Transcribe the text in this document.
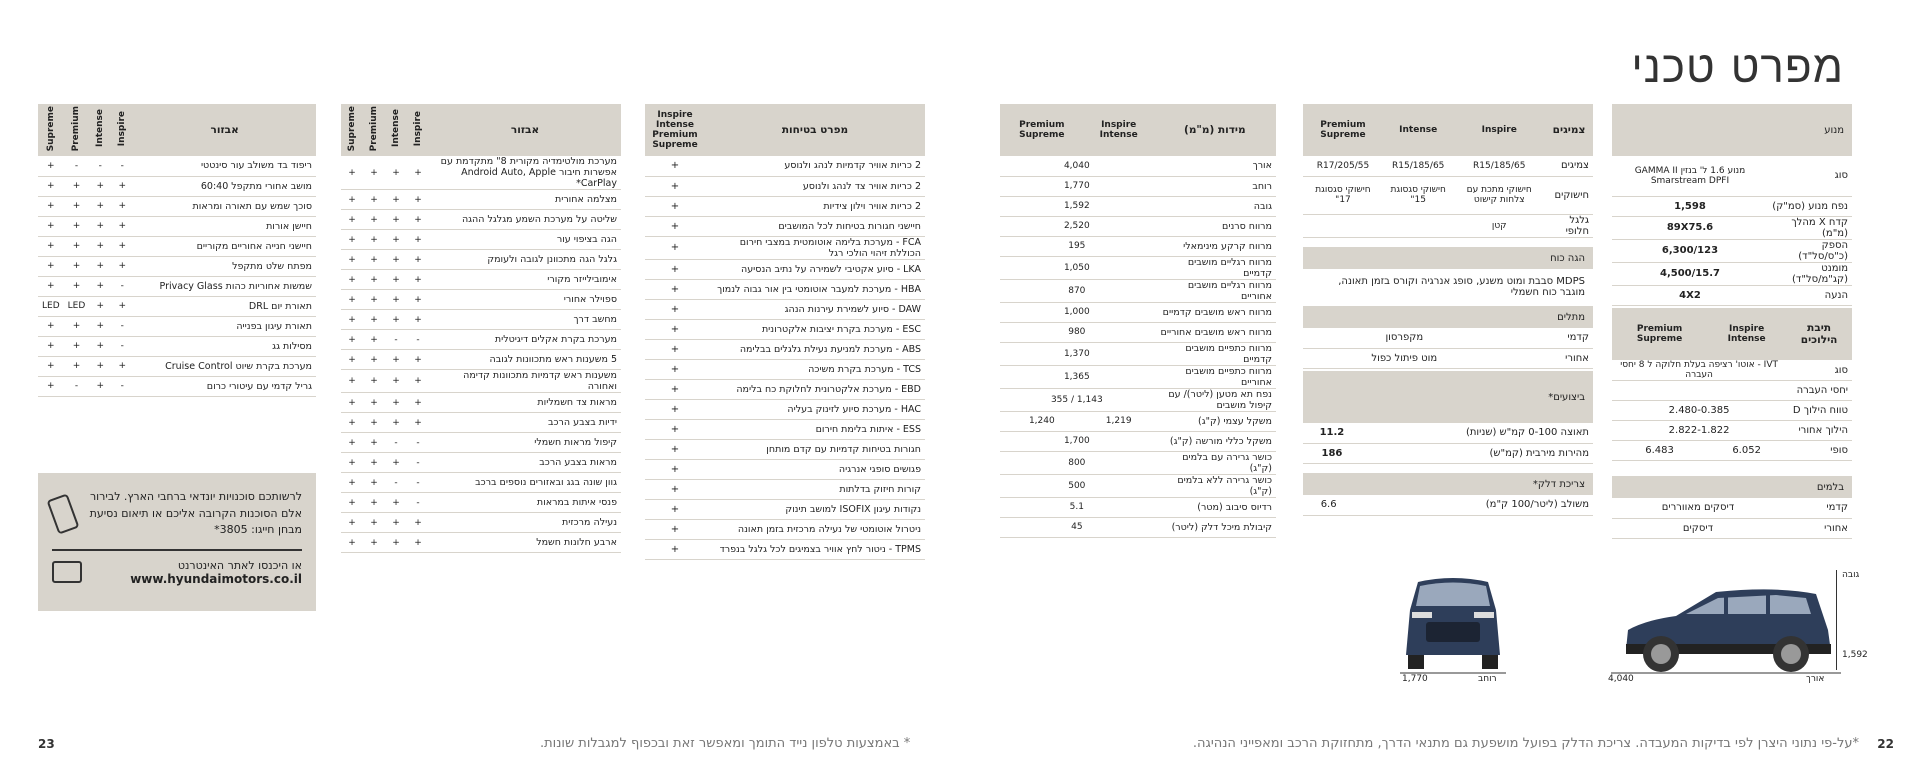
מפרט טכני
מנוע	
סוג	מנוע 1.6 ל' בנזין GAMMA II Smarstream DPFI
נפח מנוע (סמ"ק)	1,598
קדח X מהלך (מ"מ)	89X75.6
הספק (כ"ס/סל"ד)	6,300/123
מומנט (קג"מ/סל"ד)	4,500/15.7
הנעה	4X2
תיבת הילוכים	Inspire Intense	Premium Supreme
סוג	IVT - אוטו' רציפה בעלת חלוקה ל 8 יחסי העברה	
יחסי העברה		
טווח הילוך D	2.480-0.385	
הילוך אחורי	2.822-1.822	
סופי	6.052	6.483
בלמים	
קדמי	דיסקים מאווררים
אחורי	דיסקים
צמיגים	Inspire	Intense	Premium Supreme
צמיגים	185/65/R15	185/65/R15	205/55/R17
חישוקים	חישוקי מתכת עם צלחות קישוט	חישוקי סגסוגת 15"	חישוקי סגסוגת 17"
גלגל חלופי	קטן		
הגה כוח
MDPS סבבת ומוט משנע, סופג אנרגיה וקורס בזמן תאונה, מוגבר כוח חשמלי
מתלים	
קדמי	מקפרסון
אחורי	מוט פיתול כפול
ביצועים*	
תאוצה 0-100 קמ"ש (שניות)	11.2
מהירות מירבית (קמ"ש)	186
צריכת דלק*
משולב (ליטר/100 ק"מ)	6.6
מידות (מ"מ)	Inspire Intense	Premium Supreme
אורך	4,040	
רוחב	1,770	
גובה	1,592	
מרווח סרנים	2,520	
מרווח קרקע מינימאלי	195	
מרווח רגליים מושבים קדמיים	1,050	
מרווח רגליים מושבים אחוריים	870	
מרווח ראש מושבים קדמיים	1,000	
מרווח ראש מושבים אחוריים	980	
מרווח כתפיים מושבים קדמיים	1,370	
מרווח כתפיים מושבים אחוריים	1,365	
נפח תא מטען (ליטר)/ עם קיפול מושבים	1,143 / 355	
משקל עצמי (ק"ג)	1,219	1,240
משקל כללי מורשה (ק"ג)	1,700	
כושר גרירה עם בלמים (ק"ג)	800	
כושר גרירה ללא בלמים (ק"ג)	500	
רדיוס סיבוב (מטר)	5.1	
קיבולת מיכל דלק (ליטר)	45	
4,040	אורך
גובה
1,592
1,770	רוחב
מפרט בטיחות	Inspire Intense Premium Supreme
2 כריות אוויר קדמיות לנהג ולנוסע	+
2 כריות אוויר צד לנהג ולנוסע	+
2 כריות אוויר וילון צידיות	+
חיישני חגורות בטיחות לכל המושבים	+
FCA - מערכת בלימה אוטומטית במצבי חירום הכוללת זיהוי הולכי רגל	+
LKA - סיוע אקטיבי לשמירה על נתיב הנסיעה	+
HBA - מערכת למעבר אוטומטי בין אור גבוה לנמוך	+
DAW - סיוע לשמירת עירנות הנהג	+
ESC - מערכת בקרת יציבות אלקטרונית	+
ABS - מערכת למניעת נעילת גלגלים בבלימה	+
TCS - מערכת בקרת משיכה	+
EBD - מערכת אלקטרונית לחלוקת כח בלימה	+
HAC - מערכת סיוע לזינוק בעליה	+
ESS - איתות בלימת חירום	+
חגורות בטיחות קדמיות עם קדם מותחן	+
פגושים סופגי אנרגיה	+
קורות חיזוק בדלתות	+
נקודות עיגון ISOFIX למושב תינוק	+
ניטרול אוטומטי של נעילה מרכזית בזמן תאונה	+
TPMS - ניטור לחץ אוויר בצמיגים לכל גלגל בנפרד	+
אבזור	Inspire	Intense	Premium	Supreme
מערכת מולטימדיה מקורית 8" מתקדמת עם אפשרות חיבור Android Auto, Apple CarPlay*	+	+	+	+
מצלמה אחורית	+	+	+	+
שליטה על מערכת השמע מגלגל ההגה	+	+	+	+
הגה בציפוי עור	+	+	+	+
גלגל הגה מתכוונן לגובה ולעומק	+	+	+	+
אימובילייזר מקורי	+	+	+	+
ספוילר אחורי	+	+	+	+
מחשב דרך	+	+	+	+
מערכת בקרת אקלים דיגיטלית	-	-	+	+
5 משענות ראש מתכוונות לגובה	+	+	+	+
משענות ראש קדמיות מתכוונות קדימה ואחורה	+	+	+	+
מראות צד חשמליות	+	+	+	+
ידיות בצבע הרכב	+	+	+	+
קיפול מראות חשמלי	-	-	+	+
מראות בצבע הרכב	-	+	+	+
גוון שונה בגג ובאזורים נוספים ברכב	-	-	+	+
פנסי איתות במראות	-	+	+	+
נעילה מרכזית	+	+	+	+
ארבע חלונות חשמל	+	+	+	+
אבזור	Inspire	Intense	Premium	Supreme
ריפוד בד משולב עור סינטטי	-	-	-	+
מושב אחורי מתקפל 60:40	+	+	+	+
סוכך שמש עם תאורה ומראות	+	+	+	+
חיישן אורות	+	+	+	+
חיישני חנייה אחוריים מקוריים	+	+	+	+
מפתח שלט מתקפל	+	+	+	+
שמשות אחוריות כהות Privacy Glass	-	+	+	+
תאורת יום DRL	+	+	LED	LED
תאורת עיגון בפנייה	-	+	+	+
מסילות גג	-	+	+	+
מערכת בקרת שיוט Cruise Control	+	+	+	+
גריל קדמי עם עיטורי כרום	-	+	-	+
לרשותכם סוכנויות יונדאי ברחבי הארץ. לבירור אלם הסוכנות הקרובה אליכם או תיאום נסיעת מבחן חייגו: 3805*
או היכנסו לאתר האינטרנט
www.hyundaimotors.co.il
*על-פי נתוני היצרן לפי בדיקות המעבדה. צריכת הדלק בפועל מושפעת גם מתנאי הדרך, מתחזוקת הרכב ומאפייני הנהיגה. 22
* באמצעות טלפון נייד התומך ומאפשר זאת ובכפוף למגבלות שונות.
23
